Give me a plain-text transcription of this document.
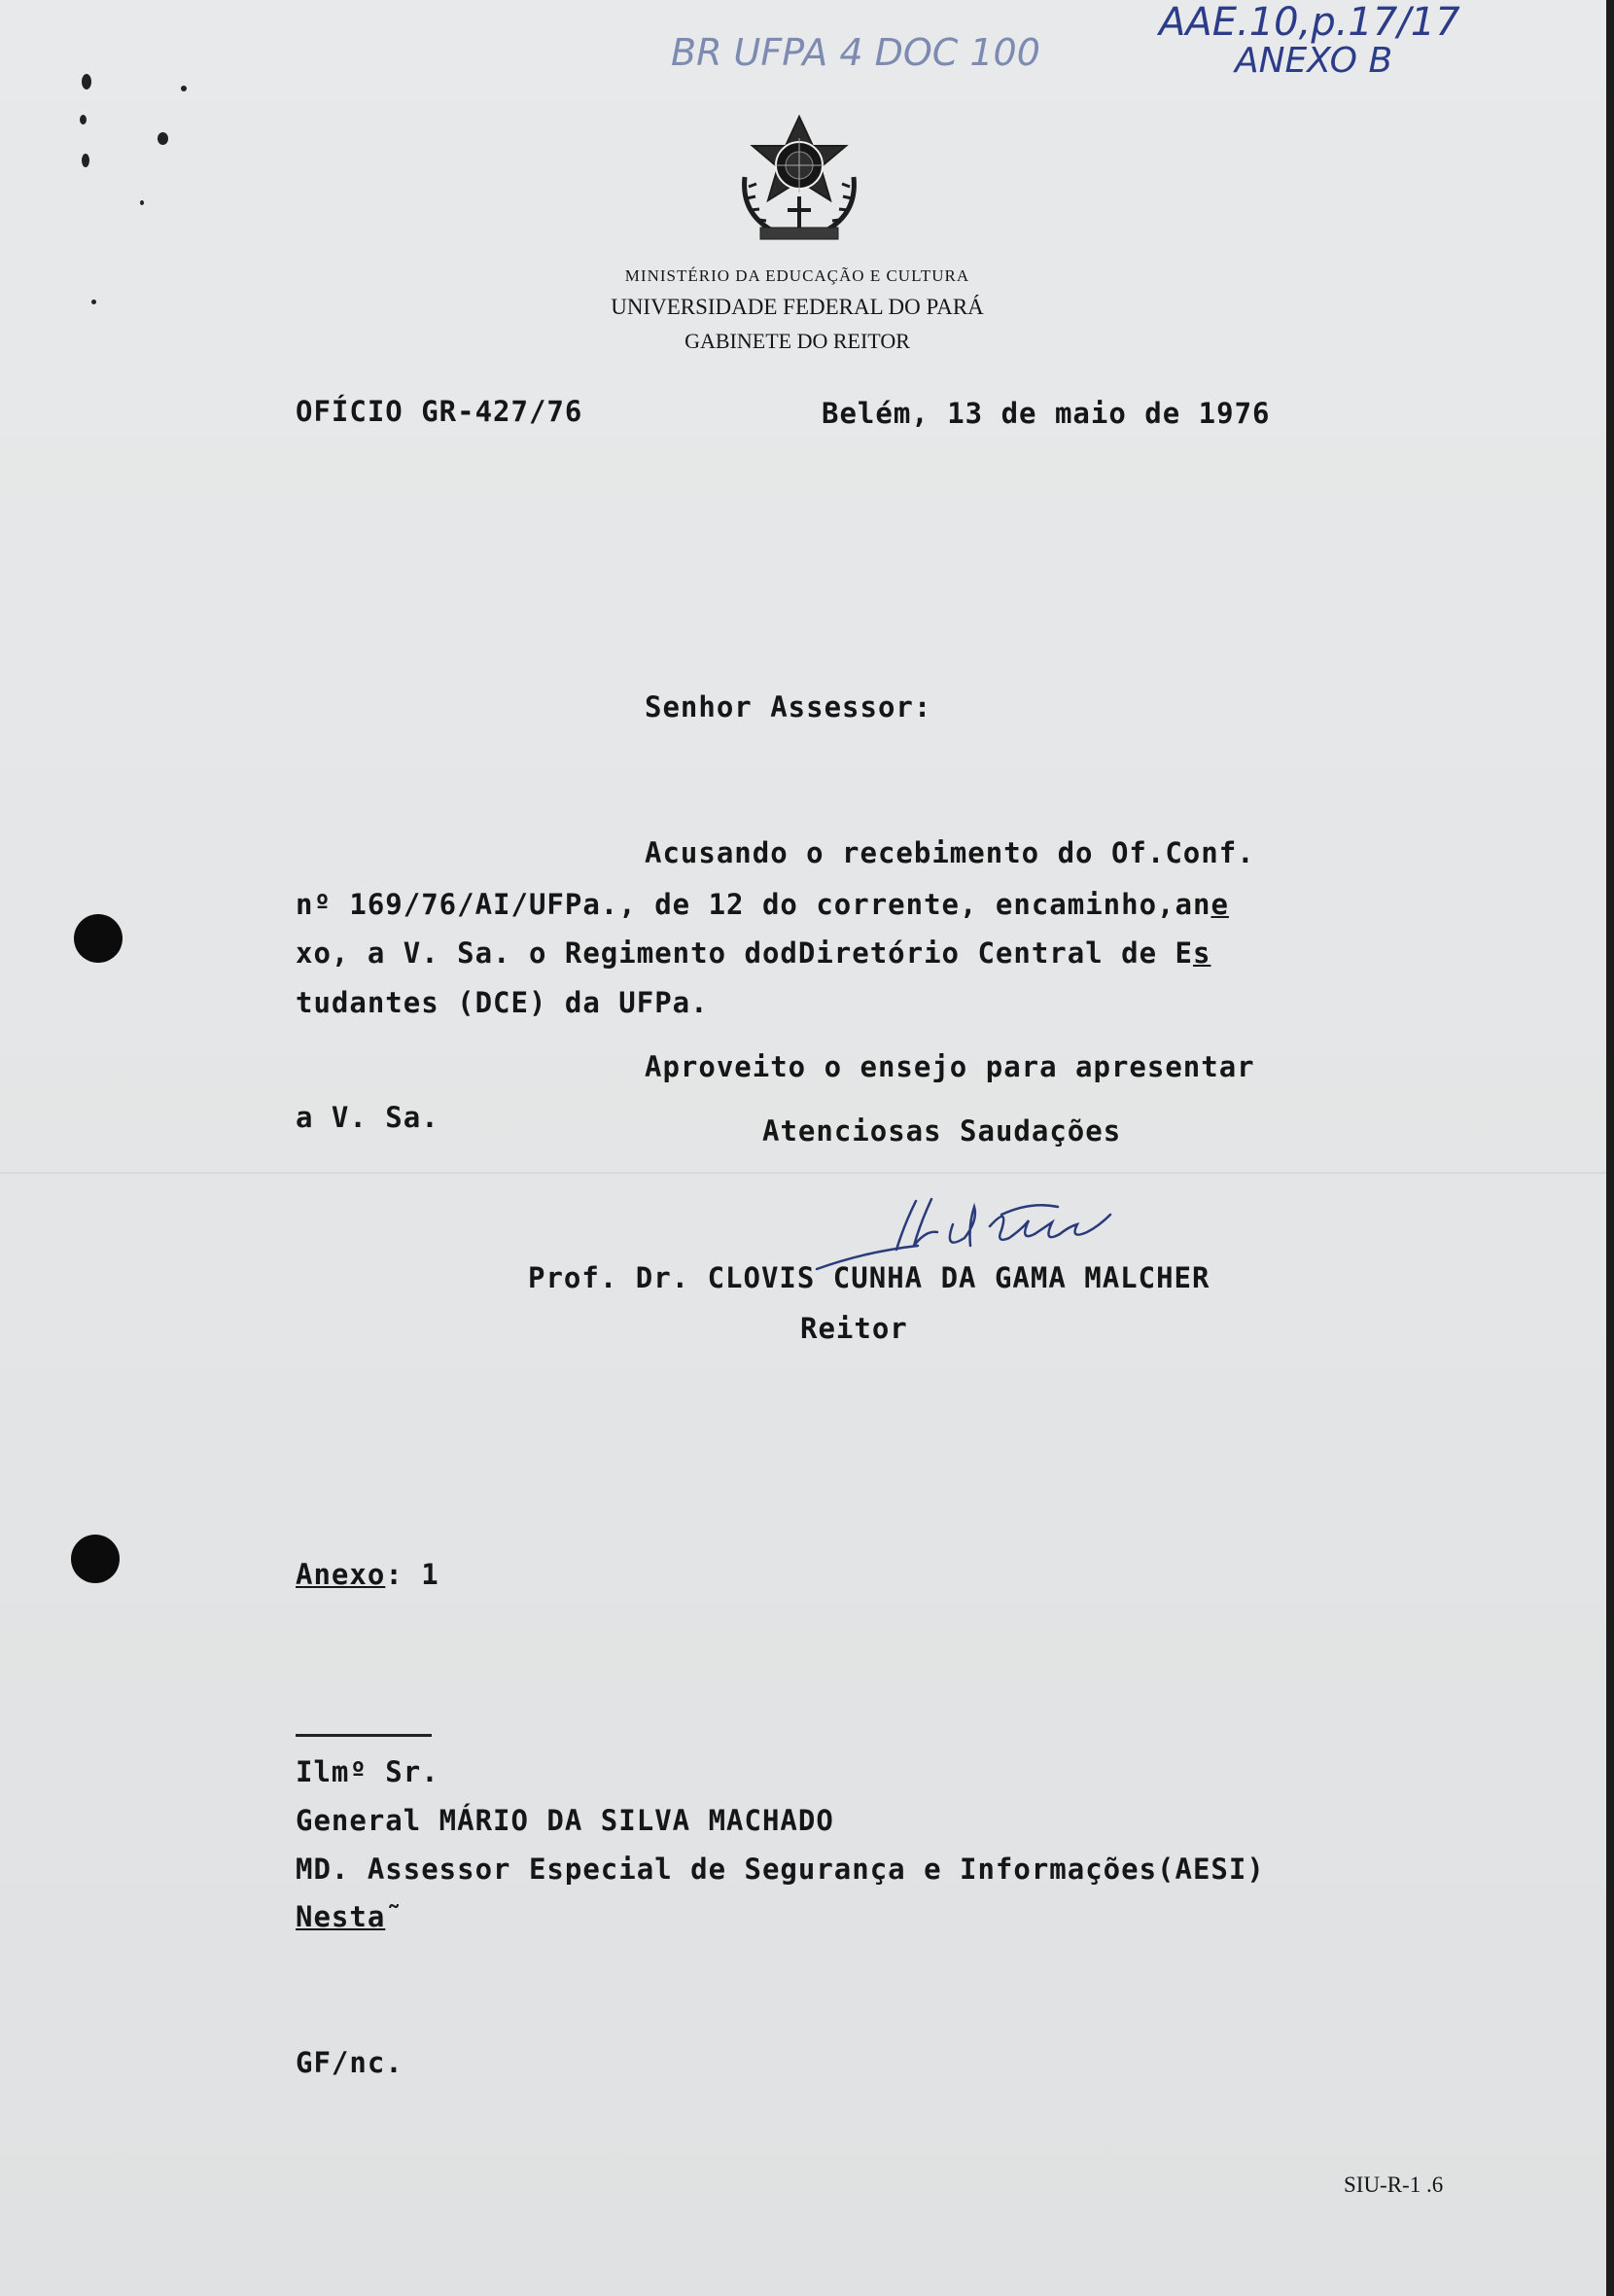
BR UFPA 4 DOC 100
AAE.10,p.17/17
ANEXO B
MINISTÉRIO DA EDUCAÇÃO E CULTURA
UNIVERSIDADE FEDERAL DO PARÁ
GABINETE DO REITOR
OFÍCIO GR-427/76	Belém, 13 de maio de 1976
Senhor Assessor:
Acusando o recebimento do Of.Conf.
nº 169/76/AI/UFPa., de 12 do corrente, encaminho,ane
xo, a V. Sa. o Regimento dodDiretório Central de Es
tudantes (DCE) da UFPa.
Aproveito o ensejo para apresentar
a V. Sa.	Atenciosas Saudações
Prof. Dr. CLOVIS CUNHA DA GAMA MALCHER
Reitor
Anexo: 1
Ilmº Sr.
General MÁRIO DA SILVA MACHADO
MD. Assessor Especial de Segurança e Informações(AESI)
Nesta˜
GF/nc.
SIU-R-1 .6
